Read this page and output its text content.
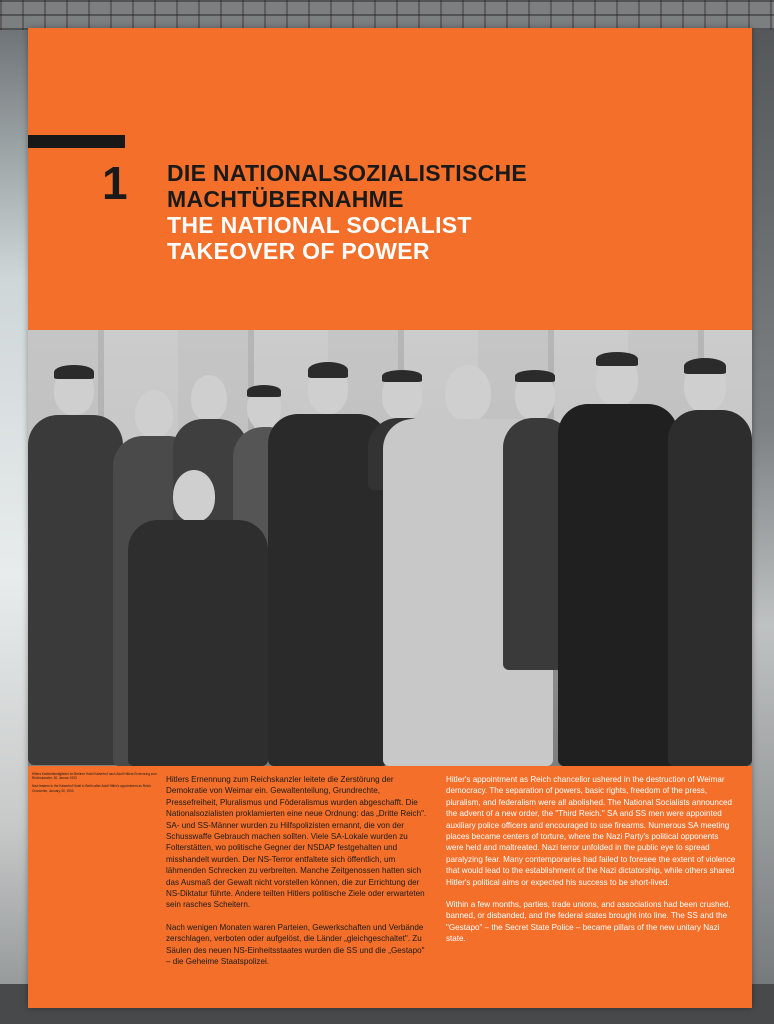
1 DIE NATIONALSOZIALISTISCHE
MACHTÜBERNAHME
THE NATIONAL SOCIALIST
TAKEOVER OF POWER
Hitlers Kabinettsmitglieder im Berliner Hotel Kaiserhof nach Adolf Hitlers Ernennung zum Reichskanzler, 30. Januar 1933
Nazi leaders in the Kaiserhof Hotel in Berlin after Adolf Hitler's appointment as Reich Chancellor, January 30, 1933

Hitlers Ernennung zum Reichskanzler leitete die Zerstörung der Demokratie von Weimar ein. Gewaltenteilung, Grundrechte, Pressefreiheit, Pluralismus und Föderalismus wurden abgeschafft. Die Nationalsozialisten proklamierten eine neue Ordnung: das „Dritte Reich". SA- und SS-Männer wurden zu Hilfspolizisten ernannt, die von der Schusswaffe Gebrauch machen sollten. Viele SA-Lokale wurden zu Folterstätten, wo politische Gegner der NSDAP festgehalten und misshandelt wurden. Der NS-Terror entfaltete sich öffentlich, um lähmenden Schrecken zu verbreiten. Manche Zeitgenossen hatten sich das Ausmaß der Gewalt nicht vorstellen können, die zur Errichtung der NS-Diktatur führte. Andere teilten Hitlers politische Ziele oder erwarteten sein rasches Scheitern.

Nach wenigen Monaten waren Parteien, Gewerkschaften und Verbände zerschlagen, verboten oder aufgelöst, die Länder „gleichgeschaltet". Zu Säulen des neuen NS-Einheitsstaates wurden die SS und die „Gestapo" – die Geheime Staatspolizei.

Hitler's appointment as Reich chancellor ushered in the destruction of Weimar democracy. The separation of powers, basic rights, freedom of the press, pluralism, and federalism were all abolished. The National Socialists announced the advent of a new order, the "Third Reich." SA and SS men were appointed auxiliary police officers and encouraged to use firearms. Numerous SA meeting places became centers of torture, where the Nazi Party's political opponents were held and maltreated. Nazi terror unfolded in the public eye to spread paralyzing fear. Many contemporaries had failed to foresee the extent of violence that would lead to the establishment of the Nazi dictatorship, while others shared Hitler's political aims or expected his success to be short-lived.

Within a few months, parties, trade unions, and associations had been crushed, banned, or disbanded, and the federal states brought into line. The SS and the "Gestapo" – the Secret State Police – became pillars of the new unitary Nazi state.
